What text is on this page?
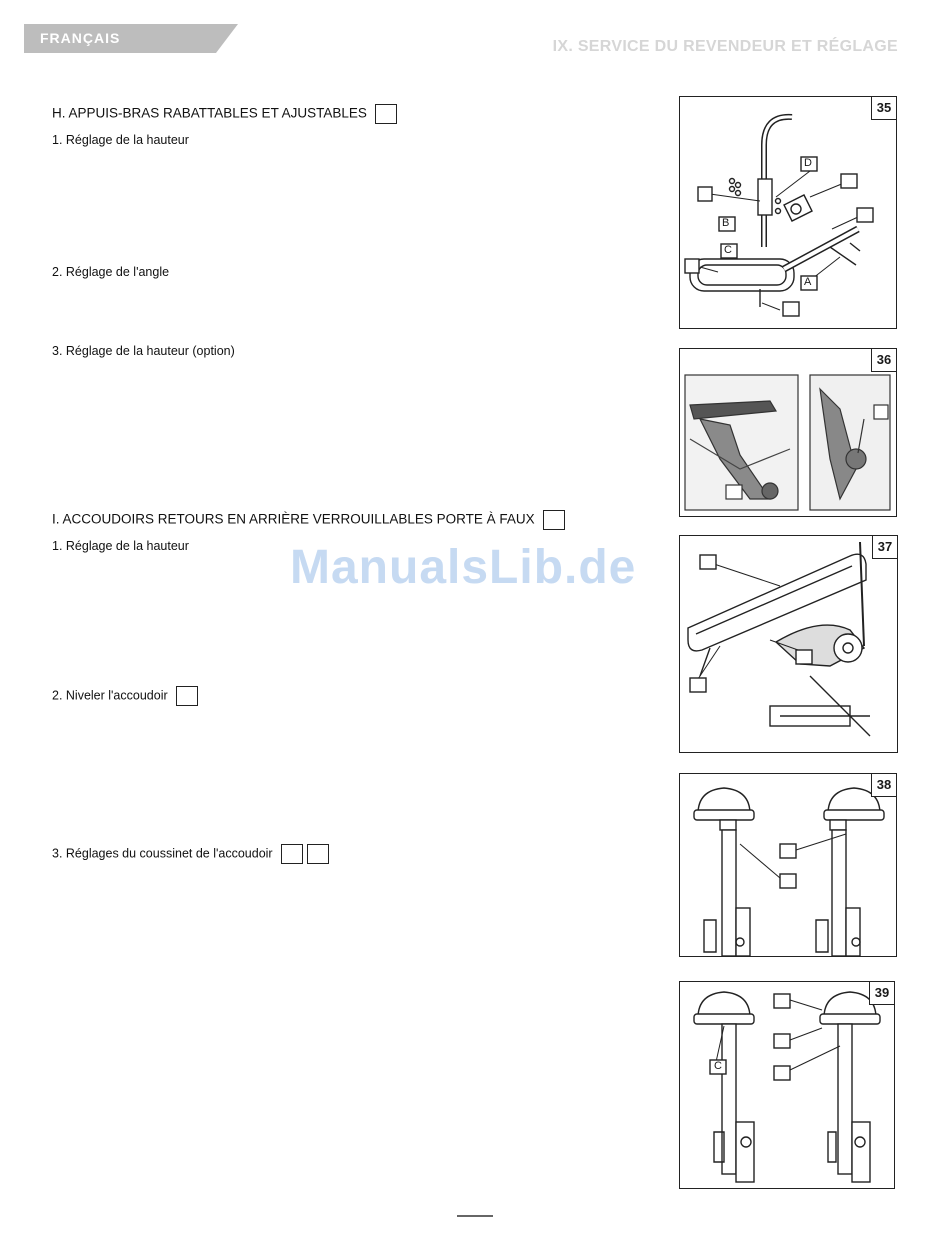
FRANÇAIS	IX. SERVICE DU REVENDEUR ET RÉGLAGE
H. APPUIS-BRAS RABATTABLES ET AJUSTABLES
1. Réglage de la hauteur
2. Réglage de l'angle
3. Réglage de la hauteur (option)
I. ACCOUDOIRS RETOURS EN ARRIÈRE VERROUILLABLES PORTE À FAUX
1. Réglage de la hauteur
2. Niveler l'accoudoir
3. Réglages du coussinet de l'accoudoir
ManualsLib.de
D
B
C
A
35
36
37
38
C
39
